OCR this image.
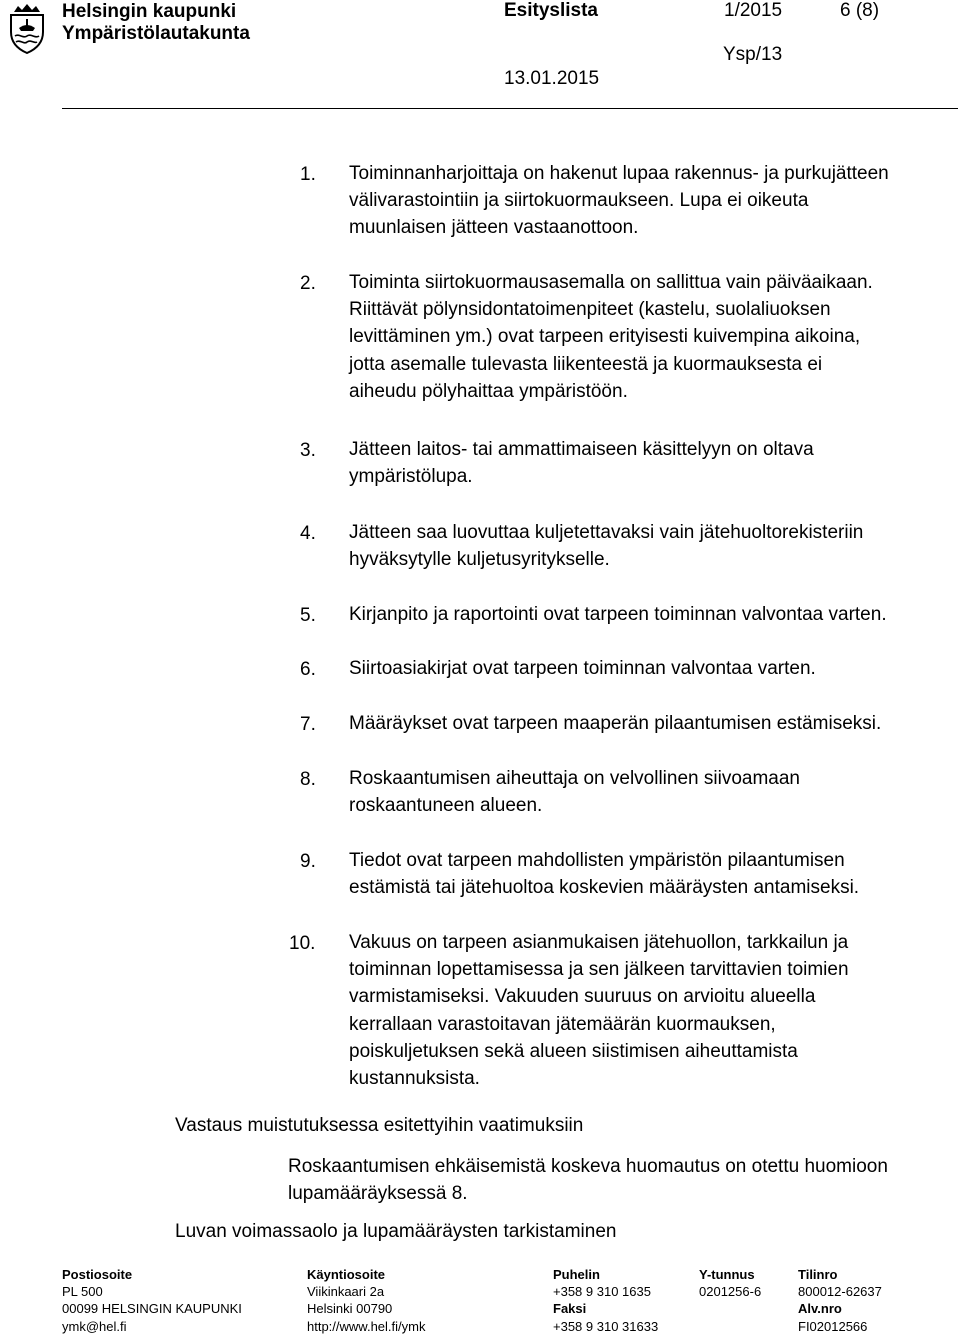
Helsingin kaupunki
Ympäristölautakunta
Esityslista	1/2015	6 (8)
Ysp/13
13.01.2015
1. Toiminnanharjoittaja on hakenut lupaa rakennus- ja purkujätteen
välivarastointiin ja siirtokuormaukseen. Lupa ei oikeuta
muunlaisen jätteen vastaanottoon.
2. Toiminta siirtokuormausasemalla on sallittua vain päiväaikaan.
Riittävät pölynsidontatoimenpiteet (kastelu, suolaliuoksen
levittäminen ym.) ovat tarpeen erityisesti kuivempina aikoina,
jotta asemalle tulevasta liikenteestä ja kuormauksesta ei
aiheudu pölyhaittaa ympäristöön.
3. Jätteen laitos- tai ammattimaiseen käsittelyyn on oltava
ympäristölupa.
4. Jätteen saa luovuttaa kuljetettavaksi vain jätehuoltorekisteriin
hyväksytylle kuljetusyritykselle.
5. Kirjanpito ja raportointi ovat tarpeen toiminnan valvontaa varten.
6. Siirtoasiakirjat ovat tarpeen toiminnan valvontaa varten.
7. Määräykset ovat tarpeen maaperän pilaantumisen estämiseksi.
8. Roskaantumisen aiheuttaja on velvollinen siivoamaan
roskaantuneen alueen.
9. Tiedot ovat tarpeen mahdollisten ympäristön pilaantumisen
estämistä tai jätehuoltoa koskevien määräysten antamiseksi.
10. Vakuus on tarpeen asianmukaisen jätehuollon, tarkkailun ja
toiminnan lopettamisessa ja sen jälkeen tarvittavien toimien
varmistamiseksi. Vakuuden suuruus on arvioitu alueella
kerrallaan varastoitavan jätemäärän kuormauksen,
poiskuljetuksen sekä alueen siistimisen aiheuttamista
kustannuksista.
Vastaus muistutuksessa esitettyihin vaatimuksiin
Roskaantumisen ehkäisemistä koskeva huomautus on otettu huomioon
lupamääräyksessä 8.
Luvan voimassaolo ja lupamääräysten tarkistaminen
Postiosoite
PL 500
00099 HELSINGIN KAUPUNKI
ymk@hel.fi
Käyntiosoite
Viikinkaari 2a
Helsinki 00790
http://www.hel.fi/ymk
Puhelin
+358 9 310 1635
Faksi
+358 9 310 31633
Y-tunnus
0201256-6
Tilinro
800012-62637
Alv.nro
FI02012566
